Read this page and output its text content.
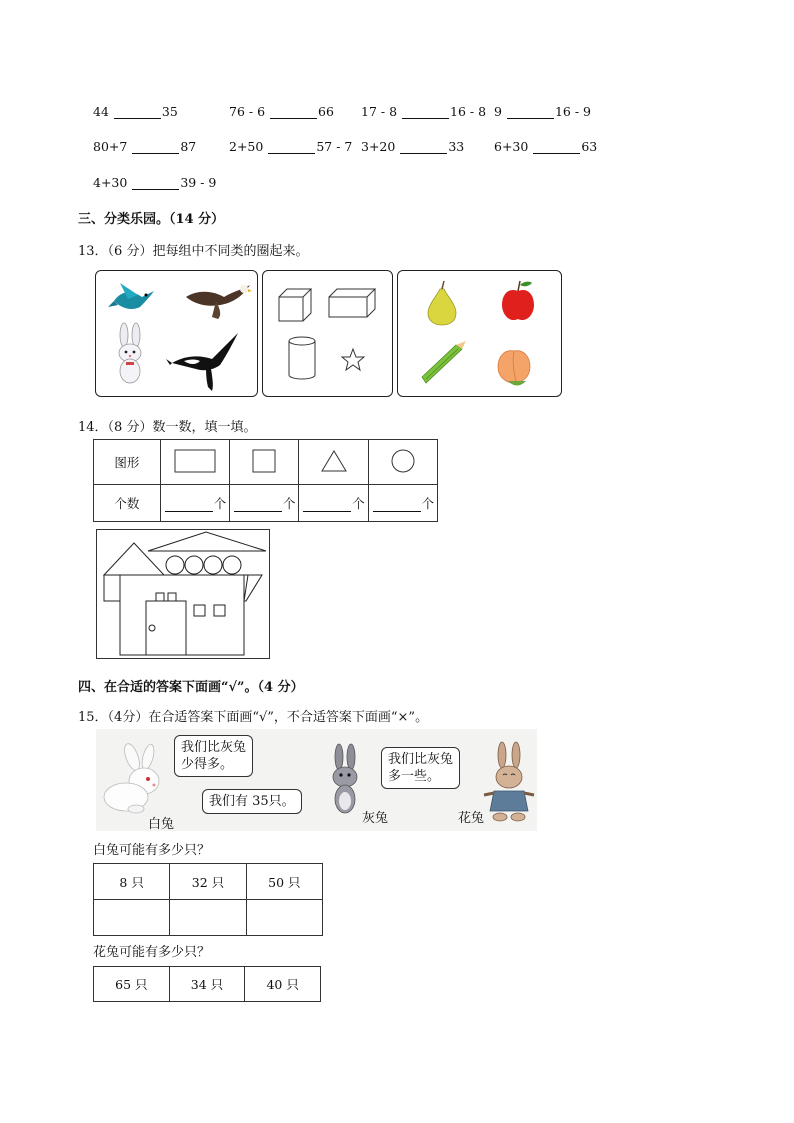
44	35	76 - 6	66 17 - 8	16 - 8 9	16 - 9
80+7	87	2+50	57 - 7 3+20	33 6+30	63
4+30	39 - 9
三、分类乐园。（14 分）
13．（6 分）把每组中不同类的圈起来。
14．（8 分）数一数，填一填。
图形				
个数	个	个	个	个
四、在合适的答案下面画“√”。（4 分）
15．（4分）在合适答案下面画“√”，不合适答案下面画“×”。
我们比灰兔
少得多。
白兔
我们有 35只。
灰兔
我们比灰兔
多一些。
花兔
白兔可能有多少只？
8 只	32 只	50 只

花兔可能有多少只？
65 只	34 只	40 只
